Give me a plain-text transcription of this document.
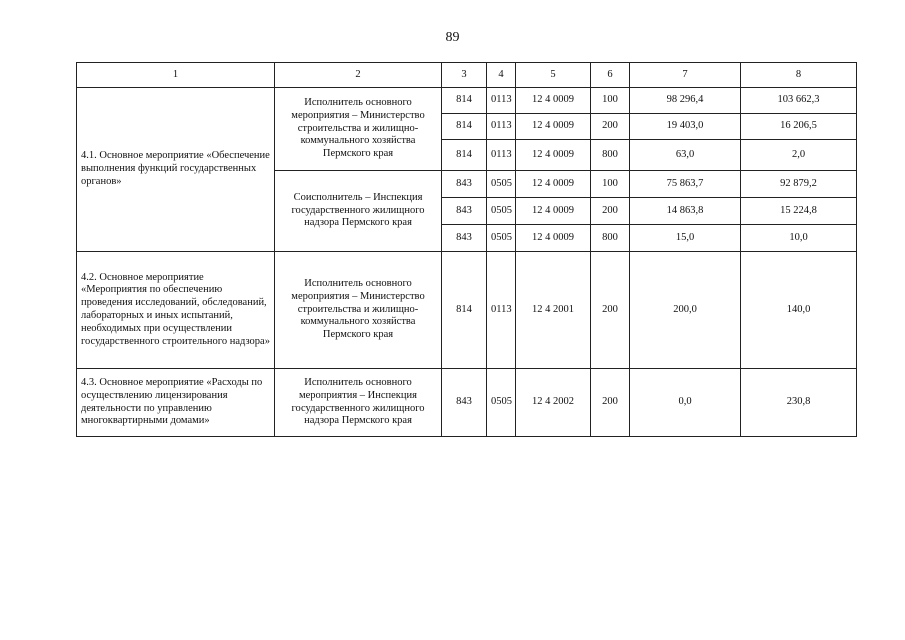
89
1	2	3	4	5	6	7	8
4.1. Основное мероприятие «Обеспечение выполнения функций государственных органов»	Исполнитель основного мероприятия – Министерство строительства и жилищно-коммунального хозяйства Пермского края	814	0113	12 4 0009	100	98 296,4	103 662,3
		814	0113	12 4 0009	200	19 403,0	16 206,5
		814	0113	12 4 0009	800	63,0	2,0
	Соисполнитель – Инспекция государственного жилищного надзора Пермского края	843	0505	12 4 0009	100	75 863,7	92 879,2
		843	0505	12 4 0009	200	14 863,8	15 224,8
		843	0505	12 4 0009	800	15,0	10,0
4.2. Основное мероприятие «Мероприятия по обеспечению проведения исследований, обследований, лабораторных и иных испытаний, необходимых при осуществлении государственного строительного надзора»	Исполнитель основного мероприятия – Министерство строительства и жилищно-коммунального хозяйства Пермского края	814	0113	12 4 2001	200	200,0	140,0
4.3. Основное мероприятие «Расходы по осуществлению лицензирования деятельности по управлению многоквартирными домами»	Исполнитель основного мероприятия – Инспекция государственного жилищного надзора Пермского края	843	0505	12 4 2002	200	0,0	230,8
